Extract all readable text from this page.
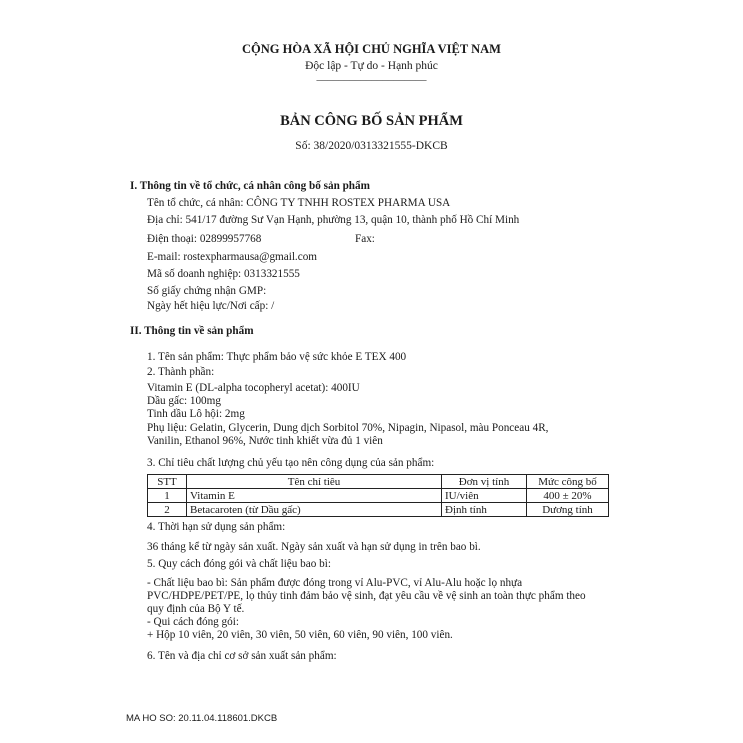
CỘNG HÒA XÃ HỘI CHỦ NGHĨA VIỆT NAM
Độc lập - Tự do - Hạnh phúc
____________________
BẢN CÔNG BỐ SẢN PHẨM
Số: 38/2020/0313321555-DKCB
I. Thông tin về tổ chức, cá nhân công bố sản phẩm
Tên tổ chức, cá nhân: CÔNG TY TNHH ROSTEX PHARMA USA
Địa chỉ: 541/17 đường Sư Vạn Hạnh, phường 13, quận 10, thành phố Hồ Chí Minh
Điện thoại: 02899957768	Fax:
E-mail: rostexpharmausa@gmail.com
Mã số doanh nghiệp: 0313321555
Số giấy chứng nhận GMP:
Ngày hết hiệu lực/Nơi cấp: /
II. Thông tin về sản phẩm
1. Tên sản phẩm: Thực phẩm bảo vệ sức khỏe E TEX 400
2. Thành phần:
Vitamin E (DL-alpha tocopheryl acetat): 400IU
Dầu gấc: 100mg
Tinh dầu Lô hội: 2mg
Phụ liệu: Gelatin, Glycerin, Dung dịch Sorbitol 70%, Nipagin, Nipasol, màu Ponceau 4R,
Vanilin, Ethanol 96%, Nước tinh khiết vừa đủ 1 viên
3. Chỉ tiêu chất lượng chủ yếu tạo nên công dụng của sản phẩm:
STT	Tên chỉ tiêu	Đơn vị tính	Mức công bố
1	Vitamin E	IU/viên	400 ± 20%
2	Betacaroten (từ Dầu gấc)	Định tính	Dương tính
4. Thời hạn sử dụng sản phẩm:
36 tháng kể từ ngày sản xuất. Ngày sản xuất và hạn sử dụng in trên bao bì.
5. Quy cách đóng gói và chất liệu bao bì:
- Chất liệu bao bì: Sản phẩm được đóng trong vỉ Alu-PVC, vỉ Alu-Alu hoặc lọ nhựa
PVC/HDPE/PET/PE, lọ thủy tinh đảm bảo vệ sinh, đạt yêu cầu về vệ sinh an toàn thực phẩm theo
quy định của Bộ Y tế.
- Qui cách đóng gói:
+ Hộp 10 viên, 20 viên, 30 viên, 50 viên, 60 viên, 90 viên, 100 viên.
6. Tên và địa chỉ cơ sở sản xuất sản phẩm:
MA HO SO: 20.11.04.118601.DKCB
